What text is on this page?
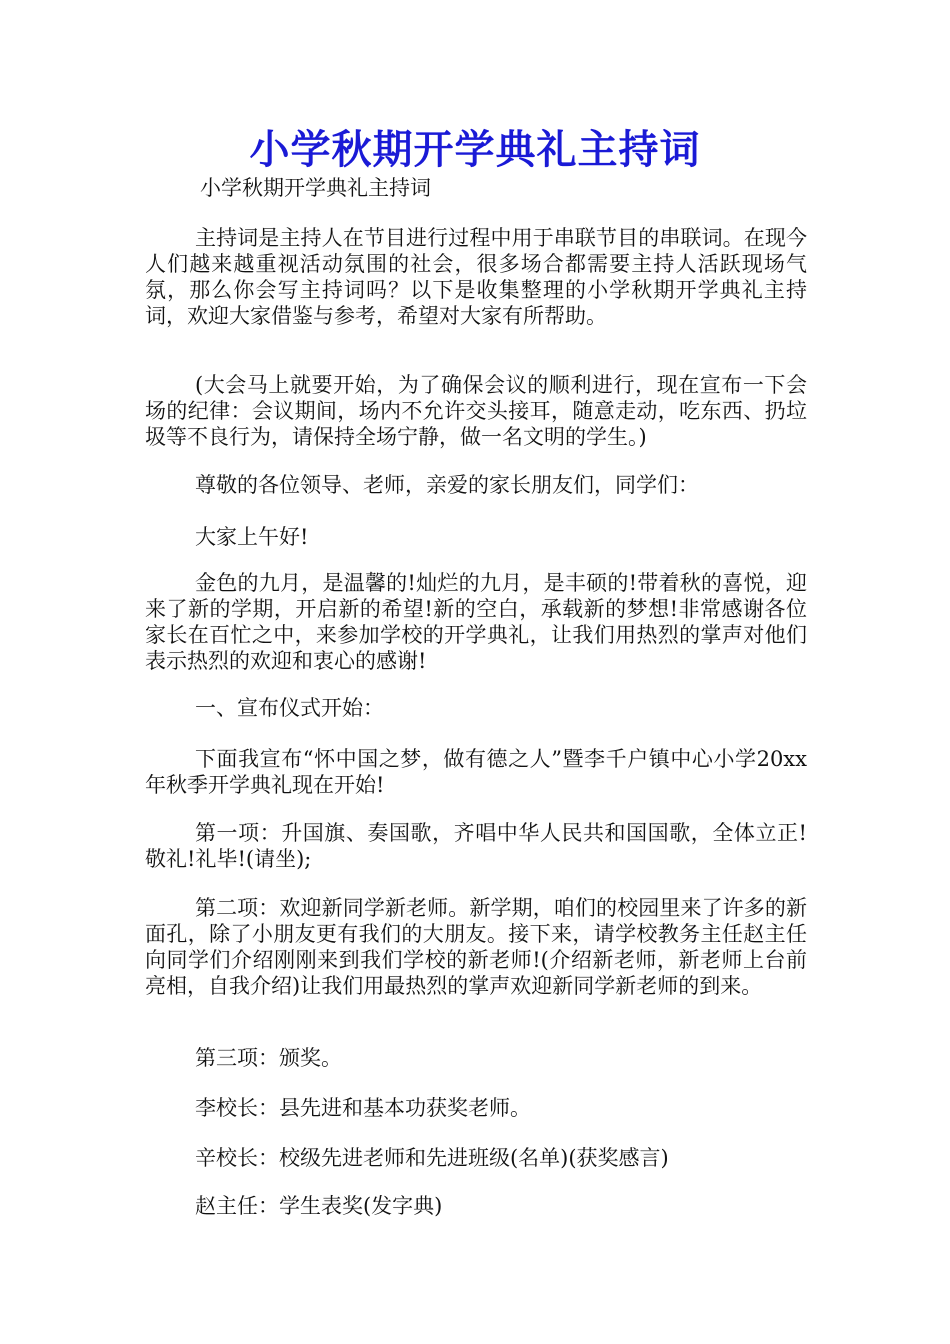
小学秋期开学典礼主持词

小学秋期开学典礼主持词

主持词是主持人在节目进行过程中用于串联节目的串联词。在现今人们越来越重视活动氛围的社会，很多场合都需要主持人活跃现场气氛，那么你会写主持词吗？以下是收集整理的小学秋期开学典礼主持词，欢迎大家借鉴与参考，希望对大家有所帮助。

(大会马上就要开始，为了确保会议的顺利进行，现在宣布一下会场的纪律：会议期间，场内不允许交头接耳，随意走动，吃东西、扔垃圾等不良行为，请保持全场宁静，做一名文明的学生。)

尊敬的各位领导、老师，亲爱的家长朋友们，同学们：

大家上午好!

金色的九月，是温馨的!灿烂的九月，是丰硕的!带着秋的喜悦，迎来了新的学期，开启新的希望!新的空白，承载新的梦想!非常感谢各位家长在百忙之中，来参加学校的开学典礼，让我们用热烈的掌声对他们表示热烈的欢迎和衷心的感谢!

一、宣布仪式开始：

下面我宣布“怀中国之梦，做有德之人”暨李千户镇中心小学20xx年秋季开学典礼现在开始!

第一项：升国旗、奏国歌，齐唱中华人民共和国国歌，全体立正!敬礼!礼毕!(请坐);

第二项：欢迎新同学新老师。新学期，咱们的校园里来了许多的新面孔，除了小朋友更有我们的大朋友。接下来，请学校教务主任赵主任向同学们介绍刚刚来到我们学校的新老师!(介绍新老师，新老师上台前亮相，自我介绍)让我们用最热烈的掌声欢迎新同学新老师的到来。

第三项：颁奖。

李校长：县先进和基本功获奖老师。

辛校长：校级先进老师和先进班级(名单)(获奖感言)

赵主任：学生表奖(发字典)
